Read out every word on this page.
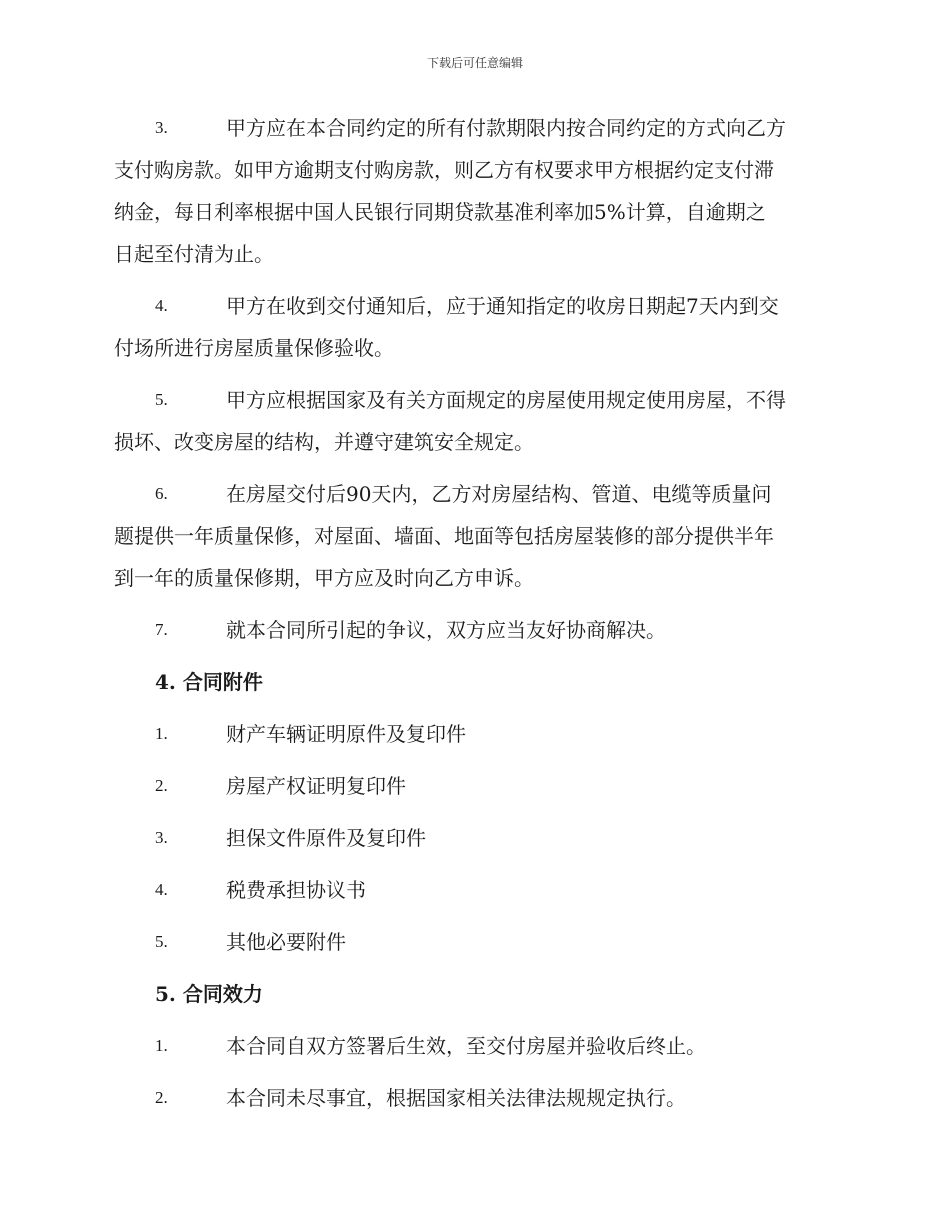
下载后可任意编辑
3.	甲方应在本合同约定的所有付款期限内按合同约定的方式向乙方
支付购房款。如甲方逾期支付购房款，则乙方有权要求甲方根据约定支付滞
纳金，每日利率根据中国人民银行同期贷款基准利率加5%计算，自逾期之
日起至付清为止。
4.	甲方在收到交付通知后，应于通知指定的收房日期起7天内到交
付场所进行房屋质量保修验收。
5.	甲方应根据国家及有关方面规定的房屋使用规定使用房屋，不得
损坏、改变房屋的结构，并遵守建筑安全规定。
6.	在房屋交付后90天内，乙方对房屋结构、管道、电缆等质量问
题提供一年质量保修，对屋面、墙面、地面等包括房屋装修的部分提供半年
到一年的质量保修期，甲方应及时向乙方申诉。
7.	就本合同所引起的争议，双方应当友好协商解决。
4. 合同附件
1.	财产车辆证明原件及复印件
2.	房屋产权证明复印件
3.	担保文件原件及复印件
4.	税费承担协议书
5.	其他必要附件
5. 合同效力
1.	本合同自双方签署后生效，至交付房屋并验收后终止。
2.	本合同未尽事宜，根据国家相关法律法规规定执行。
